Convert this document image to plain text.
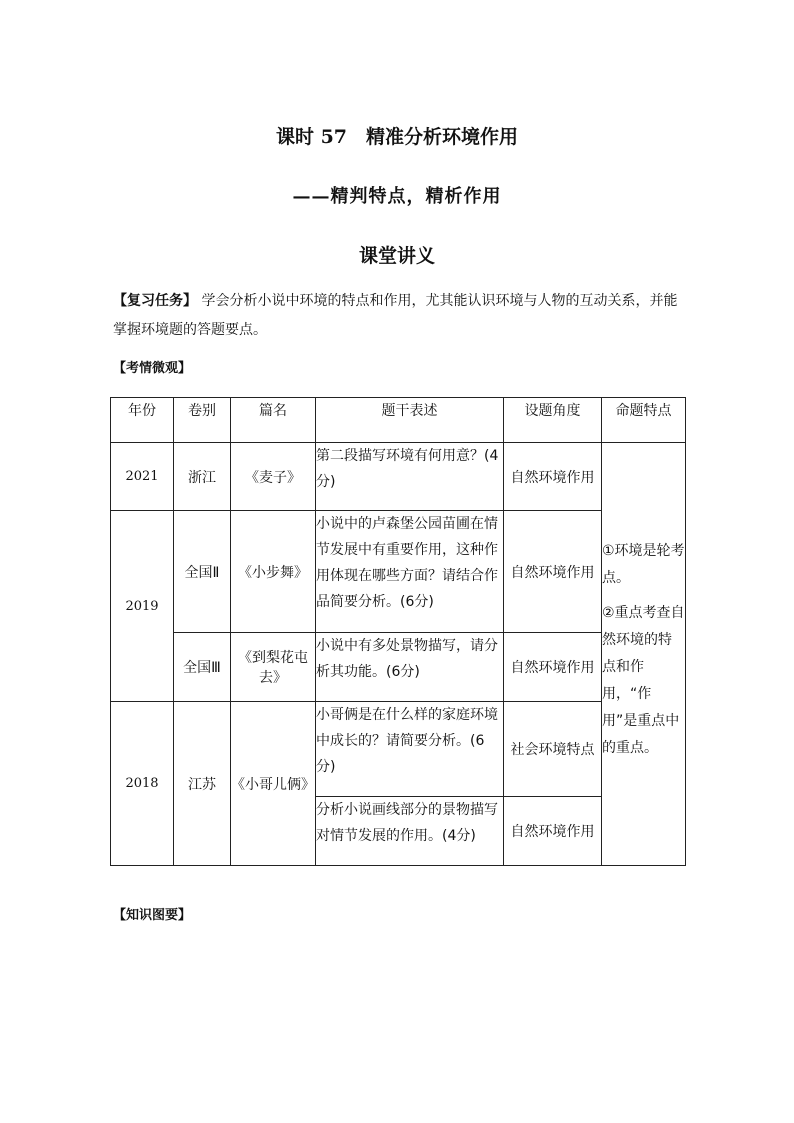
课时 57　精准分析环境作用
——精判特点，精析作用
课堂讲义
【复习任务】 学会分析小说中环境的特点和作用，尤其能认识环境与人物的互动关系，并能掌握环境题的答题要点。
【考情微观】
年份	卷别	篇名	题干表述	设题角度	命题特点
2021	浙江	《麦子》	第二段描写环境有何用意？(4分)	自然环境作用	①环境是轮考点。

②重点考查自然环境的特点和作用，“作用”是重点中的重点。

2019	全国Ⅱ	《小步舞》	小说中的卢森堡公园苗圃在情节发展中有重要作用，这种作用体现在哪些方面？请结合作品简要分析。(6分)	自然环境作用	
	全国Ⅲ	《到梨花屯去》	小说中有多处景物描写，请分析其功能。(6分)	自然环境作用	
2018	江苏	《小哥儿俩》	小哥俩是在什么样的家庭环境中成长的？请简要分析。(6分)	社会环境特点	
			分析小说画线部分的景物描写对情节发展的作用。(4分)	自然环境作用	
【知识图要】
